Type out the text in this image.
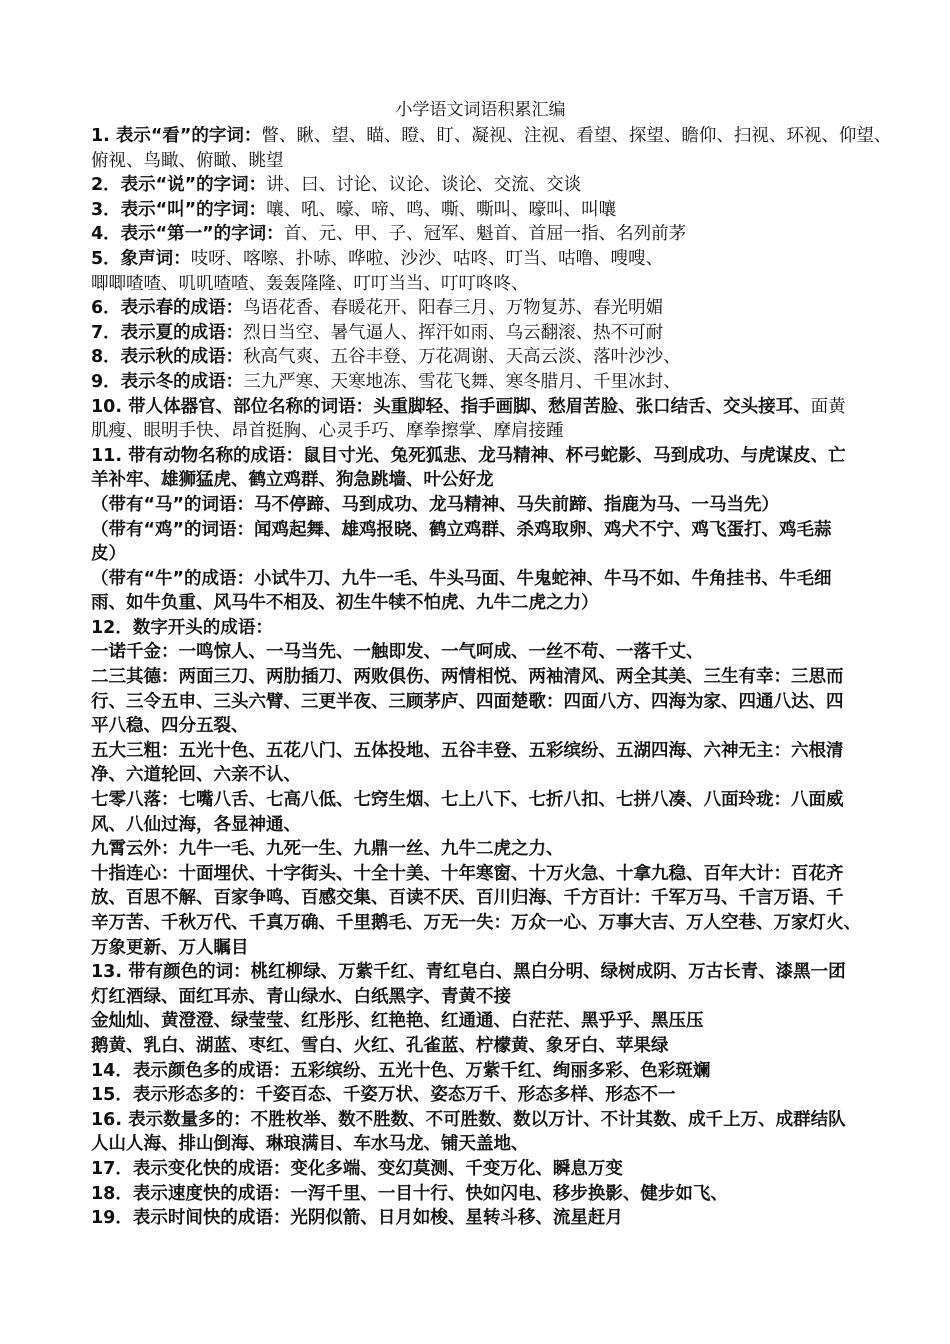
小学语文词语积累汇编
1. 表示“看”的字词：瞥、瞅、望、瞄、瞪、盯、凝视、注视、看望、探望、瞻仰、扫视、环视、仰望、
俯视、鸟瞰、俯瞰、眺望
2．表示“说”的字词：讲、曰、讨论、议论、谈论、交流、交谈
3．表示“叫”的字词：嚷、吼、嚎、啼、鸣、嘶、嘶叫、嚎叫、叫嚷
4．表示“第一”的字词：首、元、甲、子、冠军、魁首、首屈一指、名列前茅
5．象声词：吱呀、喀嚓、扑哧、哗啦、沙沙、咕咚、叮当、咕噜、嗖嗖、
唧唧喳喳、叽叽喳喳、轰轰隆隆、叮叮当当、叮叮咚咚、
6．表示春的成语：鸟语花香、春暖花开、阳春三月、万物复苏、春光明媚
7．表示夏的成语：烈日当空、暑气逼人、挥汗如雨、乌云翻滚、热不可耐
8．表示秋的成语：秋高气爽、五谷丰登、万花凋谢、天高云淡、落叶沙沙、
9．表示冬的成语：三九严寒、天寒地冻、雪花飞舞、寒冬腊月、千里冰封、
10. 带人体器官、部位名称的词语：头重脚轻、指手画脚、愁眉苦脸、张口结舌、交头接耳、面黄
肌瘦、眼明手快、昂首挺胸、心灵手巧、摩拳擦掌、摩肩接踵
11. 带有动物名称的成语：鼠目寸光、兔死狐悲、龙马精神、杯弓蛇影、马到成功、与虎谋皮、亡
羊补牢、雄狮猛虎、鹤立鸡群、狗急跳墙、叶公好龙
（带有“马”的词语：马不停蹄、马到成功、龙马精神、马失前蹄、指鹿为马、一马当先）
（带有“鸡”的词语：闻鸡起舞、雄鸡报晓、鹤立鸡群、杀鸡取卵、鸡犬不宁、鸡飞蛋打、鸡毛蒜
皮）
（带有“牛”的成语：小试牛刀、九牛一毛、牛头马面、牛鬼蛇神、牛马不如、牛角挂书、牛毛细
雨、如牛负重、风马牛不相及、初生牛犊不怕虎、九牛二虎之力）
12．数字开头的成语：
一诺千金：一鸣惊人、一马当先、一触即发、一气呵成、一丝不苟、一落千丈、
二三其德：两面三刀、两肋插刀、两败俱伤、两情相悦、两袖清风、两全其美、三生有幸：三思而
行、三令五申、三头六臂、三更半夜、三顾茅庐、四面楚歌：四面八方、四海为家、四通八达、四
平八稳、四分五裂、
五大三粗：五光十色、五花八门、五体投地、五谷丰登、五彩缤纷、五湖四海、六神无主：六根清
净、六道轮回、六亲不认、
七零八落：七嘴八舌、七高八低、七窍生烟、七上八下、七折八扣、七拼八凑、八面玲珑：八面威
风、八仙过海，各显神通、
九霄云外：九牛一毛、九死一生、九鼎一丝、九牛二虎之力、
十指连心：十面埋伏、十字街头、十全十美、十年寒窗、十万火急、十拿九稳、百年大计：百花齐
放、百思不解、百家争鸣、百感交集、百读不厌、百川归海、千方百计：千军万马、千言万语、千
辛万苦、千秋万代、千真万确、千里鹅毛、万无一失：万众一心、万事大吉、万人空巷、万家灯火、
万象更新、万人瞩目
13. 带有颜色的词：桃红柳绿、万紫千红、青红皂白、黑白分明、绿树成阴、万古长青、漆黑一团
灯红酒绿、面红耳赤、青山绿水、白纸黑字、青黄不接
金灿灿、黄澄澄、绿莹莹、红彤彤、红艳艳、红通通、白茫茫、黑乎乎、黑压压
鹅黄、乳白、湖蓝、枣红、雪白、火红、孔雀蓝、柠檬黄、象牙白、苹果绿
14．表示颜色多的成语：五彩缤纷、五光十色、万紫千红、绚丽多彩、色彩斑斓
15．表示形态多的：千姿百态、千姿万状、姿态万千、形态多样、形态不一
16. 表示数量多的：不胜枚举、数不胜数、不可胜数、数以万计、不计其数、成千上万、成群结队
人山人海、排山倒海、琳琅满目、车水马龙、铺天盖地、
17．表示变化快的成语：变化多端、变幻莫测、千变万化、瞬息万变
18．表示速度快的成语：一泻千里、一目十行、快如闪电、移步换影、健步如飞、
19．表示时间快的成语：光阴似箭、日月如梭、星转斗移、流星赶月
